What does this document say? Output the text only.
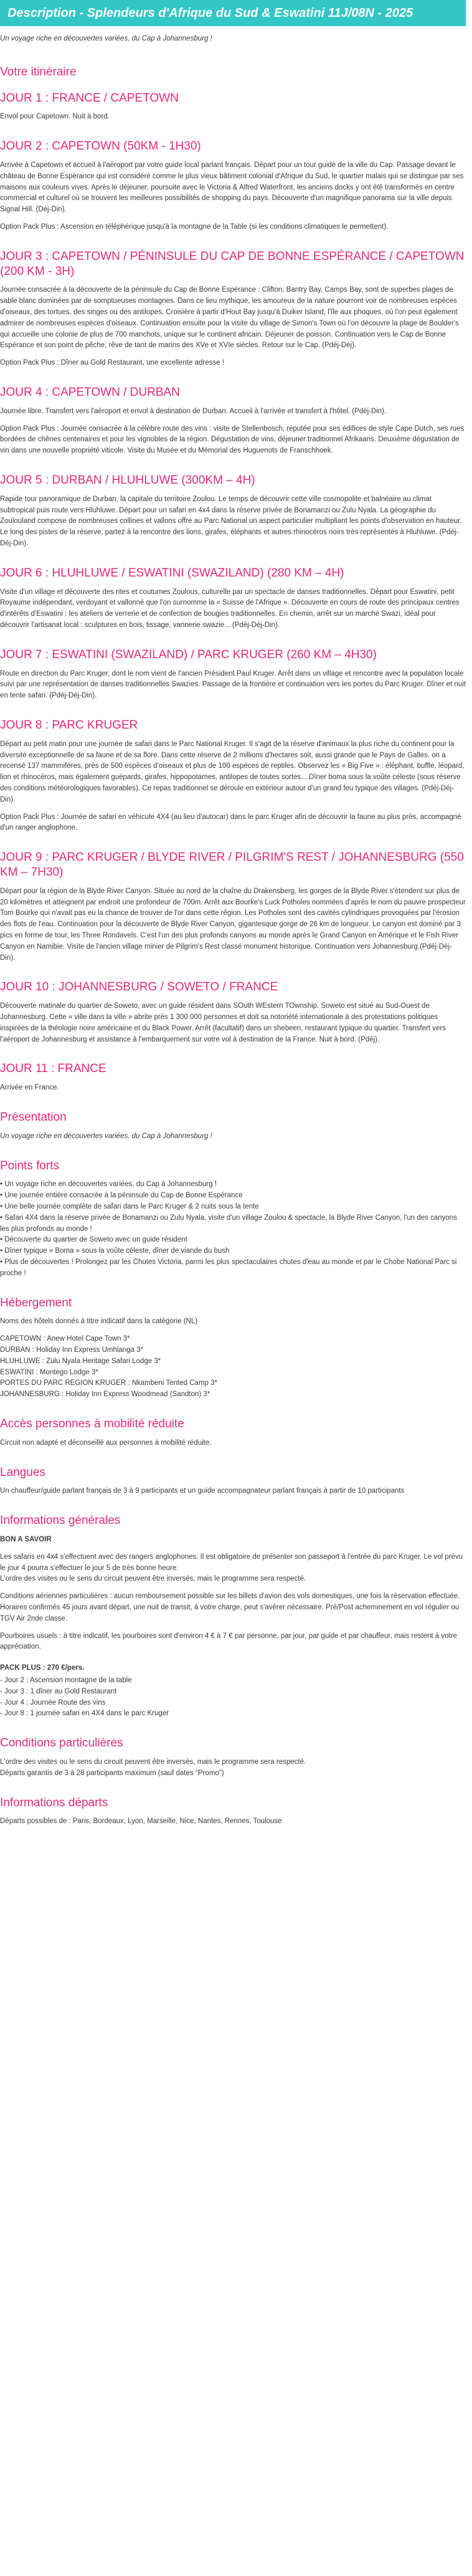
Description - Splendeurs d'Afrique du Sud & Eswatini 11J/08N - 2025

Un voyage riche en découvertes variées, du Cap à Johannesburg !

Votre itinéraire
JOUR 1 : FRANCE / CAPETOWN

Envol pour Capetown. Nuit à bord.

JOUR 2 : CAPETOWN (50KM - 1H30)

Arrivée à Capetown et accueil à l'aéroport par votre guide local parlant français. Départ pour un tour guidé de la ville du Cap. Passage devant le château de Bonne Espérance qui est considéré comme le plus vieux bâtiment colonial d'Afrique du Sud, le quartier malais qui se distingue par ses maisons aux couleurs vives. Après le déjeuner, poursuite avec le Victoria & Alfred Waterfront, les anciens docks y ont été transformés en centre commercial et culturel où se trouvent les meilleures possibilités de shopping du pays. Découverte d'un magnifique panorama sur la ville depuis Signal Hill. (Déj-Din).

Option Pack Plus : Ascension en téléphérique jusqu'à la montagne de la Table (si les conditions climatiques le permettent).

JOUR 3 : CAPETOWN / PÉNINSULE DU CAP DE BONNE ESPÉRANCE / CAPETOWN (200 KM - 3H)

Journée consacrée à la découverte de la péninsule du Cap de Bonne Espérance : Clifton, Bantry Bay, Camps Bay, sont de superbes plages de sable blanc dominées par de somptueuses montagnes. Dans ce lieu mythique, les amoureux de la nature pourront voir de nombreuses espèces d'oiseaux, des tortues, des singes ou des antilopes. Croisière à partir d'Hout Bay jusqu'à Duiker Island, l'île aux phoques, où l'on peut également admirer de nombreuses espèces d'oiseaux. Continuation ensuite pour la visite du village de Simon's Town où l'on découvre la plage de Boulder's qui accueille une colonie de plus de 700 manchots, unique sur le continent africain. Déjeuner de poisson. Continuation vers le Cap de Bonne Espérance et son point de pêche, rêve de tant de marins des XVe et XVIe siècles. Retour sur le Cap. (Pdéj-Déj).

Option Pack Plus : Dîner au Gold Restaurant, une excellente adresse !

JOUR 4 : CAPETOWN / DURBAN

Journée libre. Transfert vers l'aéroport et envol à destination de Durban. Accueil à l'arrivée et transfert à l'hôtel. (Pdéj-Din).

Option Pack Plus : Journée consacrée à la célèbre route des vins : visite de Stellenbosch, réputée pour ses édifices de style Cape Dutch, ses rues bordées de chênes centenaires et pour les vignobles de la région. Dégustation de vins, déjeuner traditionnel Afrikaans. Deuxième dégustation de vin dans une nouvelle propriété viticole. Visite du Musée et du Mémorial des Huguenots de Franschhoek.

JOUR 5 : DURBAN / HLUHLUWE (300KM – 4H)

Rapide tour panoramique de Durban, la capitale du territoire Zoulou. Le temps de découvrir cette ville cosmopolite et balnéaire au climat subtropical puis route vers Hluhluwe. Départ pour un safari en 4x4 dans la réserve privée de Bonamanzi ou Zulu Nyala. La géographie du Zoulouland compose de nombreuses collines et vallons offre au Parc National un aspect particulier multipliant les points d'observation en hauteur. Le long des pistes de la réserve, partez à la rencontre des lions, girafes, éléphants et autres rhinocéros noirs très représentés à Hluhluwe. (Pdéj-Déj-Din).

JOUR 6 : HLUHLUWE / ESWATINI (SWAZILAND) (280 KM – 4H)

Visite d'un village et découverte des rites et coutumes Zoulous, culturelle par un spectacle de danses traditionnelles. Départ pour Eswatini, petit Royaume indépendant, verdoyant et vallonné que l'on surnomme la « Suisse de l'Afrique ». Découverte en cours de route des principaux centres d'intérêts d'Eswatini : les ateliers de verrerie et de confection de bougies traditionnelles. En chemin, arrêt sur un marché Swazi, idéal pour découvrir l'artisanat local : sculptures en bois, tissage, vannerie swazie... (Pdéj-Déj-Din).

JOUR 7 : ESWATINI (SWAZILAND) / PARC KRUGER (260 KM – 4H30)

Route en direction du Parc Kruger, dont le nom vient de l'ancien Président Paul Kruger. Arrêt dans un village et rencontre avec la population locale suivi par une représentation de danses traditionnelles Swazies. Passage de la frontière et continuation vers les portes du Parc Kruger. Dîner et nuit en tente safari. (Pdéj-Déj-Din).

JOUR 8 : PARC KRUGER

Départ au petit matin pour une journée de safari dans le Parc National Kruger. Il s'agit de la réserve d'animaux la plus riche du continent pour la diversité exceptionnelle de sa faune et de sa flore. Dans cette réserve de 2 millions d'hectares soit, aussi grande que le Pays de Galles, on a recensé 137 mammifères, près de 500 espèces d'oiseaux et plus de 100 espèces de reptiles. Observez les « Big Five » : éléphant, buffle, léopard, lion et rhinocéros, mais également guépards, girafes, hippopotames, antilopes de toutes sortes... Dîner boma sous la voûte céleste (sous réserve des conditions météorologiques favorables). Ce repas traditionnel se déroule en extérieur autour d'un grand feu typique des villages. (Pdéj-Déj-Din).

Option Pack Plus : Journée de safari en véhicule 4X4 (au lieu d'autocar) dans le parc Kruger afin de découvrir la faune au plus près, accompagné d'un ranger anglophone.

JOUR 9 : PARC KRUGER / BLYDE RIVER / PILGRIM'S REST / JOHANNESBURG (550 KM – 7H30)

Départ pour la région de la Blyde River Canyon. Située au nord de la chaîne du Drakensberg, les gorges de la Blyde River s'étendent sur plus de 20 kilomètres et atteignent par endroit une profondeur de 700m. Arrêt aux Bourke's Luck Potholes nommées d'après le nom du pauvre prospecteur Tom Bourke qui n'avait pas eu la chance de trouver de l'or dans cette région. Les Potholes sont des cavités cylindriques provoquées par l'érosion des flots de l'eau. Continuation pour la découverte de Blyde River Canyon, gigantesque gorge de 26 km de longueur. Le canyon est dominé par 3 pics en forme de tour, les Three Rondavels. C'est l'un des plus profonds canyons au monde après le Grand Canyon en Amérique et le Fish River Canyon en Namibie. Visite de l'ancien village minier de Pilgrim's Rest classé monument historique. Continuation vers Johannesburg.(Pdéj-Déj-Din).

JOUR 10 : JOHANNESBURG / SOWETO / FRANCE

Découverte matinale du quartier de Soweto, avec un guide résident dans SOuth WEstern TOwnship. Soweto est situé au Sud-Ouest de Johannesburg. Cette « ville dans la ville » abrite près 1 300 000 personnes et doit sa notoriété internationale à des protestations politiques inspirées de la théologie noire américaine et du Black Power. Arrêt (facultatif) dans un shebeen, restaurant typique du quartier. Transfert vers l'aéroport de Johannesburg et assistance à l'embarquement sur votre vol à destination de la France. Nuit à bord. (Pdéj).

JOUR 11 : FRANCE

Arrivée en France.

Présentation

Un voyage riche en découvertes variées, du Cap à Johannesburg !

Points forts
• Un voyage riche en découvertes variées, du Cap à Johannesburg !
• Une journée entière consacrée à la péninsule du Cap de Bonne Espérance
• Une belle journée complète de safari dans le Parc Kruger & 2 nuits sous la tente
• Safari 4X4 dans la réserve privée de Bonamanzi ou Zulu Nyala, visite d'un village Zoulou & spectacle, la Blyde River Canyon, l'un des canyons les plus profonds au monde !
• Découverte du quartier de Soweto avec un guide résident
• Dîner typique « Boma » sous la voûte céleste, dîner de viande du bush
• Plus de découvertes ! Prolongez par les Chutes Victoria, parmi les plus spectaculaires chutes d'eau au monde et par le Chobe National Parc si proche !
Hébergement

Noms des hôtels donnés à titre indicatif dans la catégorie (NL)

CAPETOWN : Anew Hotel Cape Town 3*
DURBAN : Holiday Inn Express Umhlanga 3*
HLUHLUWE : Zulu Nyala Heritage Safari Lodge 3*
ESWATINI : Montego Lodge 3*
PORTES DU PARC REGION KRUGER : Nkambeni Tented Camp 3*
JOHANNESBURG : Holiday Inn Express Woodmead (Sandton) 3*
Accès personnes à mobilité réduite

Circuit non adapté et déconseillé aux personnes à mobilité réduite.

Langues

Un chauffeur/guide parlant français de 3 à 9 participants et un guide accompagnateur parlant français à partir de 10 participants

Informations générales

BON A SAVOIR

Les safaris en 4x4 s'effectuent avec des rangers anglophones. Il est obligatoire de présenter son passeport à l'entrée du parc Kruger. Le vol prévu le jour 4 pourra s'effectuer le jour 5 de très bonne heure.
L'ordre des visites ou le sens du circuit peuvent être inversés, mais le programme sera respecté.

Conditions aériennes particulières : aucun remboursement possible sur les billets d'avion des vols domestiques, une fois la réservation effectuée.
Horaires confirmés 45 jours avant départ, une nuit de transit, à votre charge, peut s'avérer nécessaire. Pré/Post acheminement en vol régulier ou TGV Air 2nde classe.

Pourboires usuels : à titre indicatif, les pourboires sont d'environ 4 € à 7 € par personne, par jour, par guide et par chauffeur, mais restent à votre appréciation.

PACK PLUS : 270 €/pers.

- Jour 2 : Ascension montagne de la table
- Jour 3 : 1 dîner au Gold Restaurant
- Jour 4 : Journée Route des vins
- Jour 8 : 1 journée safari en 4X4 dans le parc Kruger
Conditions particulières
L'ordre des visites ou le sens du circuit peuvent être inversés, mais le programme sera respecté.
Départs garantis de 3 à 28 participants maximum (sauf dates "Promo")
Informations départs

Départs possibles de : Paris, Bordeaux, Lyon, Marseille, Nice, Nantes, Rennes, Toulouse
